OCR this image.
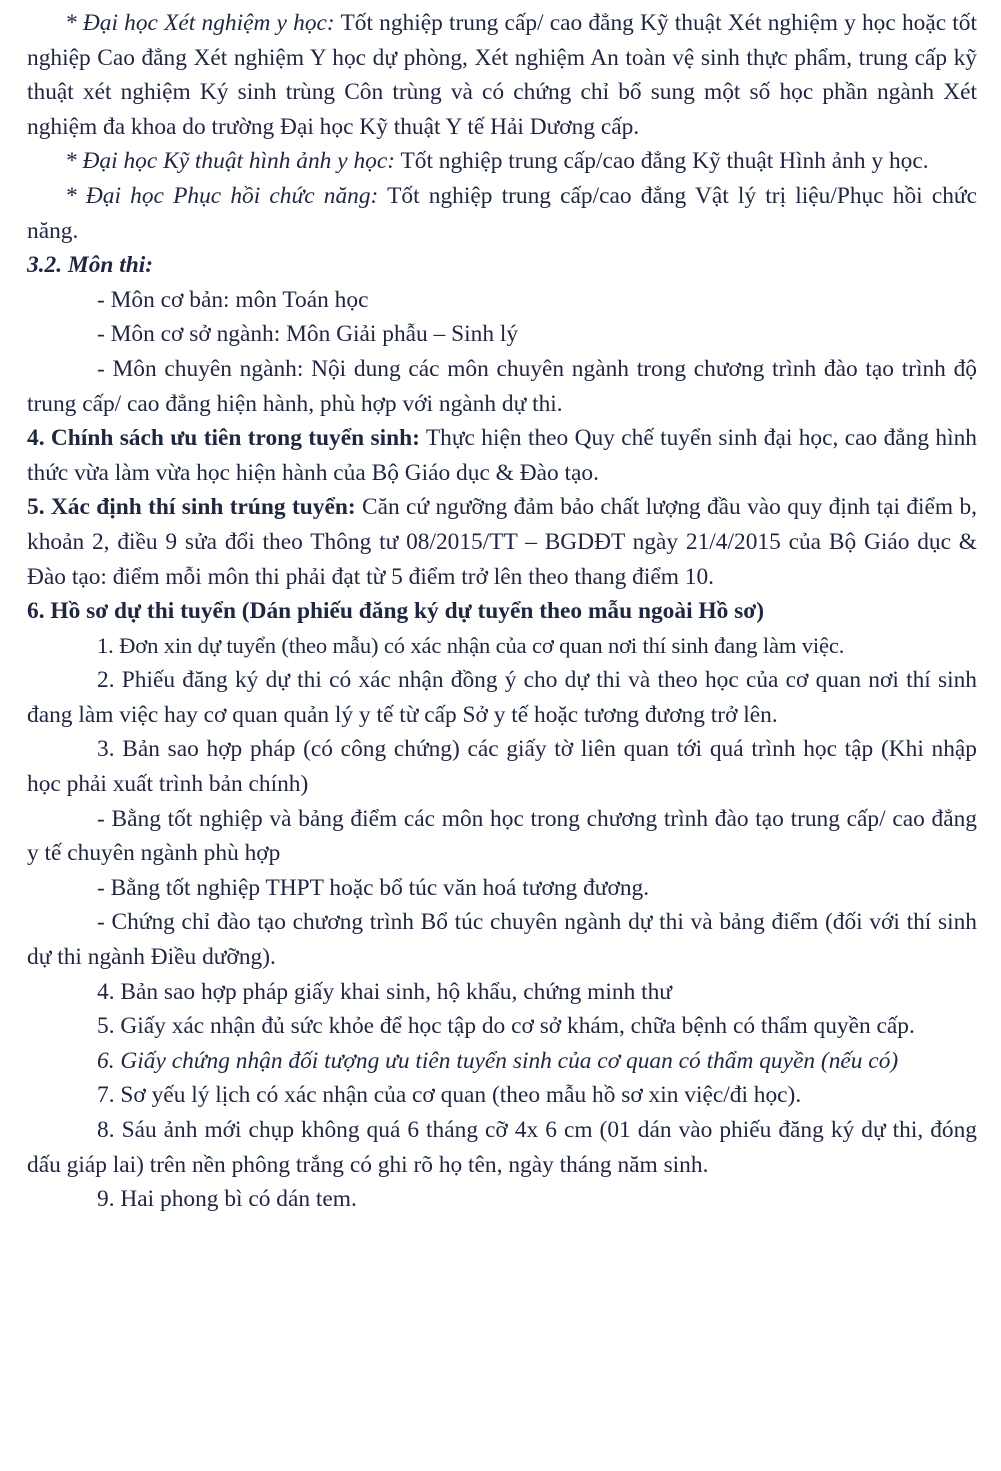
* Đại học Xét nghiệm y học: Tốt nghiệp trung cấp/ cao đẳng Kỹ thuật Xét nghiệm y học hoặc tốt nghiệp Cao đẳng Xét nghiệm Y học dự phòng, Xét nghiệm An toàn vệ sinh thực phẩm, trung cấp kỹ thuật xét nghiệm Ký sinh trùng Côn trùng và có chứng chỉ bổ sung một số học phần ngành Xét nghiệm đa khoa do trường Đại học Kỹ thuật Y tế Hải Dương cấp.

* Đại học Kỹ thuật hình ảnh y học: Tốt nghiệp trung cấp/cao đẳng Kỹ thuật Hình ảnh y học.

* Đại học Phục hồi chức năng: Tốt nghiệp trung cấp/cao đẳng Vật lý trị liệu/Phục hồi chức năng.

3.2. Môn thi:

- Môn cơ bản: môn Toán học

- Môn cơ sở ngành: Môn Giải phẫu – Sinh lý

- Môn chuyên ngành: Nội dung các môn chuyên ngành trong chương trình đào tạo trình độ trung cấp/ cao đẳng hiện hành, phù hợp với ngành dự thi.

4. Chính sách ưu tiên trong tuyển sinh: Thực hiện theo Quy chế tuyển sinh đại học, cao đẳng hình thức vừa làm vừa học hiện hành của Bộ Giáo dục & Đào tạo.

5. Xác định thí sinh trúng tuyển: Căn cứ ngưỡng đảm bảo chất lượng đầu vào quy định tại điểm b, khoản 2, điều 9 sửa đổi theo Thông tư 08/2015/TT – BGDĐT ngày 21/4/2015 của Bộ Giáo dục & Đào tạo: điểm mỗi môn thi phải đạt từ 5 điểm trở lên theo thang điểm 10.

6. Hồ sơ dự thi tuyển (Dán phiếu đăng ký dự tuyển theo mẫu ngoài Hồ sơ)

1. Đơn xin dự tuyển (theo mẫu) có xác nhận của cơ quan nơi thí sinh đang làm việc.

2. Phiếu đăng ký dự thi có xác nhận đồng ý cho dự thi và theo học của cơ quan nơi thí sinh đang làm việc hay cơ quan quản lý y tế từ cấp Sở y tế hoặc tương đương trở lên.

3. Bản sao hợp pháp (có công chứng) các giấy tờ liên quan tới quá trình học tập (Khi nhập học phải xuất trình bản chính)

- Bằng tốt nghiệp và bảng điểm các môn học trong chương trình đào tạo trung cấp/ cao đẳng y tế chuyên ngành phù hợp

- Bằng tốt nghiệp THPT hoặc bổ túc văn hoá tương đương.

- Chứng chỉ đào tạo chương trình Bổ túc chuyên ngành dự thi và bảng điểm (đối với thí sinh dự thi ngành Điều dưỡng).

4. Bản sao hợp pháp giấy khai sinh, hộ khẩu, chứng minh thư

5. Giấy xác nhận đủ sức khỏe để học tập do cơ sở khám, chữa bệnh có thẩm quyền cấp.

6. Giấy chứng nhận đối tượng ưu tiên tuyển sinh của cơ quan có thẩm quyền (nếu có)

7. Sơ yếu lý lịch có xác nhận của cơ quan (theo mẫu hồ sơ xin việc/đi học).

8. Sáu ảnh mới chụp không quá 6 tháng cỡ 4x 6 cm (01 dán vào phiếu đăng ký dự thi, đóng dấu giáp lai) trên nền phông trắng có ghi rõ họ tên, ngày tháng năm sinh.

9. Hai phong bì có dán tem.
